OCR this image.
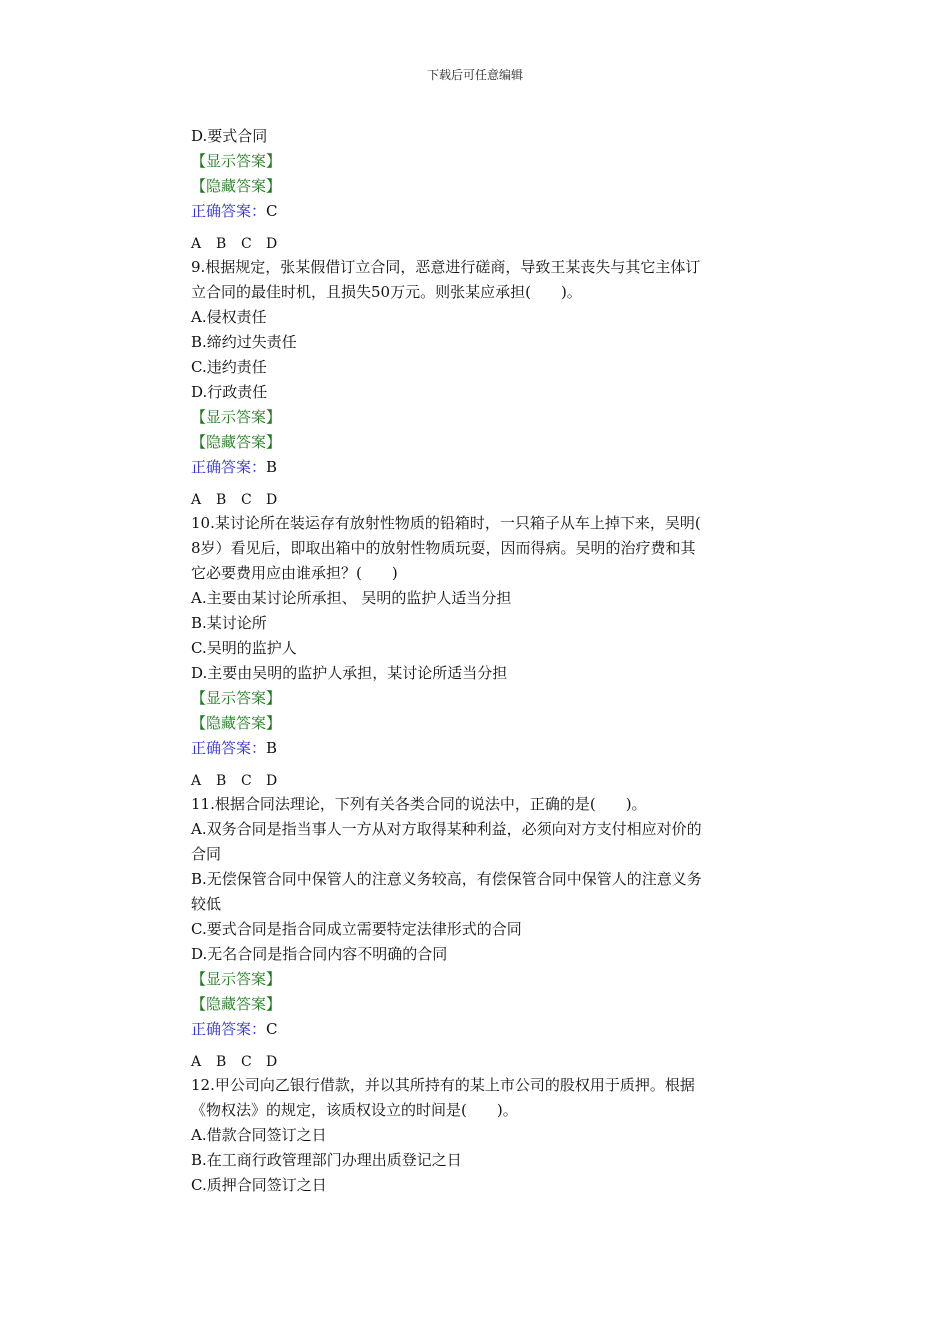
下载后可任意编辑
D.要式合同
【显示答案】
【隐藏答案】
正确答案：C
A B C D
9.根据规定，张某假借订立合同，恶意进行磋商，导致王某丧失与其它主体订
立合同的最佳时机，且损失50万元。则张某应承担(　　)。
A.侵权责任
B.缔约过失责任
C.违约责任
D.行政责任
【显示答案】
【隐藏答案】
正确答案：B
A B C D
10.某讨论所在装运存有放射性物质的铅箱时，一只箱子从车上掉下来，吴明(
8岁）看见后，即取出箱中的放射性物质玩耍，因而得病。吴明的治疗费和其
它必要费用应由谁承担？(　　)
A.主要由某讨论所承担、 吴明的监护人适当分担
B.某讨论所
C.吴明的监护人
D.主要由吴明的监护人承担，某讨论所适当分担
【显示答案】
【隐藏答案】
正确答案：B
A B C D
11.根据合同法理论，下列有关各类合同的说法中，正确的是(　　)。
A.双务合同是指当事人一方从对方取得某种利益，必须向对方支付相应对价的
合同
B.无偿保管合同中保管人的注意义务较高，有偿保管合同中保管人的注意义务
较低
C.要式合同是指合同成立需要特定法律形式的合同
D.无名合同是指合同内容不明确的合同
【显示答案】
【隐藏答案】
正确答案：C
A B C D
12.甲公司向乙银行借款，并以其所持有的某上市公司的股权用于质押。根据
《物权法》的规定，该质权设立的时间是(　　)。
A.借款合同签订之日
B.在工商行政管理部门办理出质登记之日
C.质押合同签订之日
